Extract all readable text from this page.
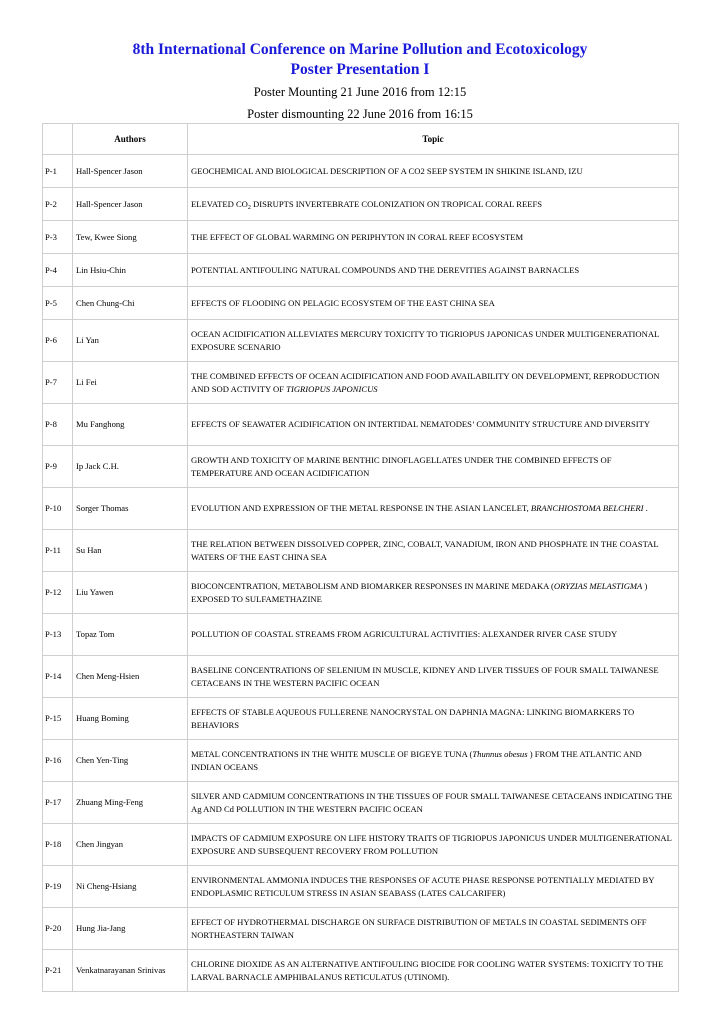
8th International Conference on Marine Pollution and Ecotoxicology
Poster Presentation I
Poster Mounting 21 June 2016 from 12:15
Poster dismounting 22 June 2016 from 16:15
	Authors	Topic
P-1	Hall-Spencer Jason	GEOCHEMICAL AND BIOLOGICAL DESCRIPTION OF A CO2 SEEP SYSTEM IN SHIKINE ISLAND, IZU
P-2	Hall-Spencer Jason	ELEVATED $CO_2$ DISRUPTS INVERTEBRATE COLONIZATION ON TROPICAL CORAL REEFS
P-3	Tew, Kwee Siong	THE EFFECT OF GLOBAL WARMING ON PERIPHYTON IN CORAL REEF ECOSYSTEM
P-4	Lin Hsiu-Chin	POTENTIAL ANTIFOULING NATURAL COMPOUNDS AND THE DEREVITIES AGAINST BARNACLES
P-5	Chen Chung-Chi	EFFECTS OF FLOODING ON PELAGIC ECOSYSTEM OF THE EAST CHINA SEA
P-6	Li Yan	OCEAN ACIDIFICATION ALLEVIATES MERCURY TOXICITY TO TIGRIOPUS JAPONICAS UNDER MULTIGENERATIONAL EXPOSURE SCENARIO
P-7	Li Fei	THE COMBINED EFFECTS OF OCEAN ACIDIFICATION AND FOOD AVAILABILITY ON DEVELOPMENT, REPRODUCTION AND SOD ACTIVITY OF TIGRIOPUS JAPONICUS
P-8	Mu Fanghong	EFFECTS OF SEAWATER ACIDIFICATION ON INTERTIDAL NEMATODES’ COMMUNITY STRUCTURE AND DIVERSITY
P-9	Ip Jack C.H.	GROWTH AND TOXICITY OF MARINE BENTHIC DINOFLAGELLATES UNDER THE COMBINED EFFECTS OF TEMPERATURE AND OCEAN ACIDIFICATION
P-10	Sorger Thomas	EVOLUTION AND EXPRESSION OF THE METAL RESPONSE IN THE ASIAN LANCELET, BRANCHIOSTOMA BELCHERI .
P-11	Su Han	THE RELATION BETWEEN DISSOLVED COPPER, ZINC, COBALT, VANADIUM, IRON AND PHOSPHATE IN THE COASTAL WATERS OF THE EAST CHINA SEA
P-12	Liu Yawen	BIOCONCENTRATION, METABOLISM AND BIOMARKER RESPONSES IN MARINE MEDAKA (ORYZIAS MELASTIGMA ) EXPOSED TO SULFAMETHAZINE
P-13	Topaz Tom	POLLUTION OF COASTAL STREAMS FROM AGRICULTURAL ACTIVITIES: ALEXANDER RIVER CASE STUDY
P-14	Chen Meng-Hsien	BASELINE CONCENTRATIONS OF SELENIUM IN MUSCLE, KIDNEY AND LIVER TISSUES OF FOUR SMALL TAIWANESE CETACEANS IN THE WESTERN PACIFIC OCEAN
P-15	Huang Boming	EFFECTS OF STABLE AQUEOUS FULLERENE NANOCRYSTAL ON DAPHNIA MAGNA: LINKING BIOMARKERS TO BEHAVIORS
P-16	Chen Yen-Ting	METAL CONCENTRATIONS IN THE WHITE MUSCLE OF BIGEYE TUNA (Thunnus obesus ) FROM THE ATLANTIC AND INDIAN OCEANS
P-17	Zhuang Ming-Feng	SILVER AND CADMIUM CONCENTRATIONS IN THE TISSUES OF FOUR SMALL TAIWANESE CETACEANS INDICATING THE Ag AND Cd POLLUTION IN THE WESTERN PACIFIC OCEAN
P-18	Chen Jingyan	IMPACTS OF CADMIUM EXPOSURE ON LIFE HISTORY TRAITS OF TIGRIOPUS JAPONICUS UNDER MULTIGENERATIONAL EXPOSURE AND SUBSEQUENT RECOVERY FROM POLLUTION
P-19	Ni Cheng-Hsiang	ENVIRONMENTAL AMMONIA INDUCES THE RESPONSES OF ACUTE PHASE RESPONSE POTENTIALLY MEDIATED BY ENDOPLASMIC RETICULUM STRESS IN ASIAN SEABASS (LATES CALCARIFER)
P-20	Hung Jia-Jang	EFFECT OF HYDROTHERMAL DISCHARGE ON SURFACE DISTRIBUTION OF METALS IN COASTAL SEDIMENTS OFF NORTHEASTERN TAIWAN
P-21	Venkatnarayanan Srinivas	CHLORINE DIOXIDE AS AN ALTERNATIVE ANTIFOULING BIOCIDE FOR COOLING WATER SYSTEMS: TOXICITY TO THE LARVAL BARNACLE AMPHIBALANUS RETICULATUS (UTINOMI).
